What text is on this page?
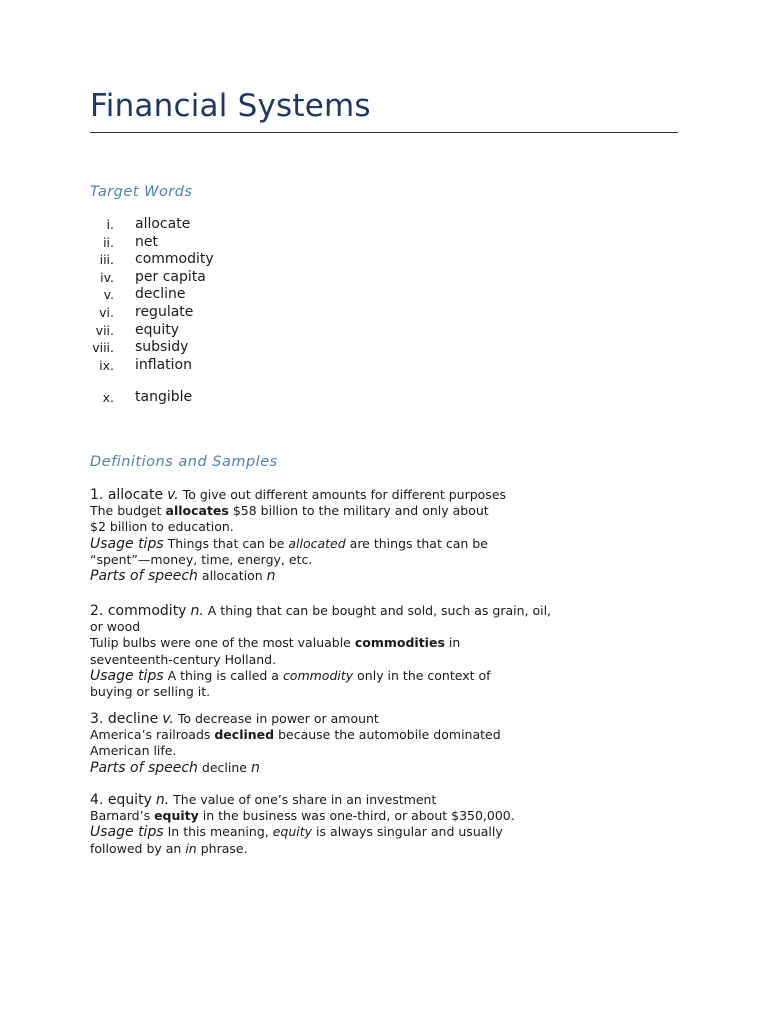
Financial Systems
Target Words
i. allocate
ii. net
iii. commodity
iv. per capita
v. decline
vi. regulate
vii. equity
viii. subsidy
ix. inflation
x. tangible
Definitions and Samples

1. allocate v. To give out different amounts for different purposes

The budget allocates $58 billion to the military and only about

$2 billion to education.

Usage tips Things that can be allocated are things that can be

“spent”—money, time, energy, etc.

Parts of speech allocation n

2. commodity n. A thing that can be bought and sold, such as grain, oil,

or wood

Tulip bulbs were one of the most valuable commodities in

seventeenth-century Holland.

Usage tips A thing is called a commodity only in the context of

buying or selling it.

3. decline v. To decrease in power or amount

America’s railroads declined because the automobile dominated

American life.

Parts of speech decline n

4. equity n. The value of one’s share in an investment

Barnard’s equity in the business was one-third, or about $350,000.

Usage tips In this meaning, equity is always singular and usually

followed by an in phrase.
